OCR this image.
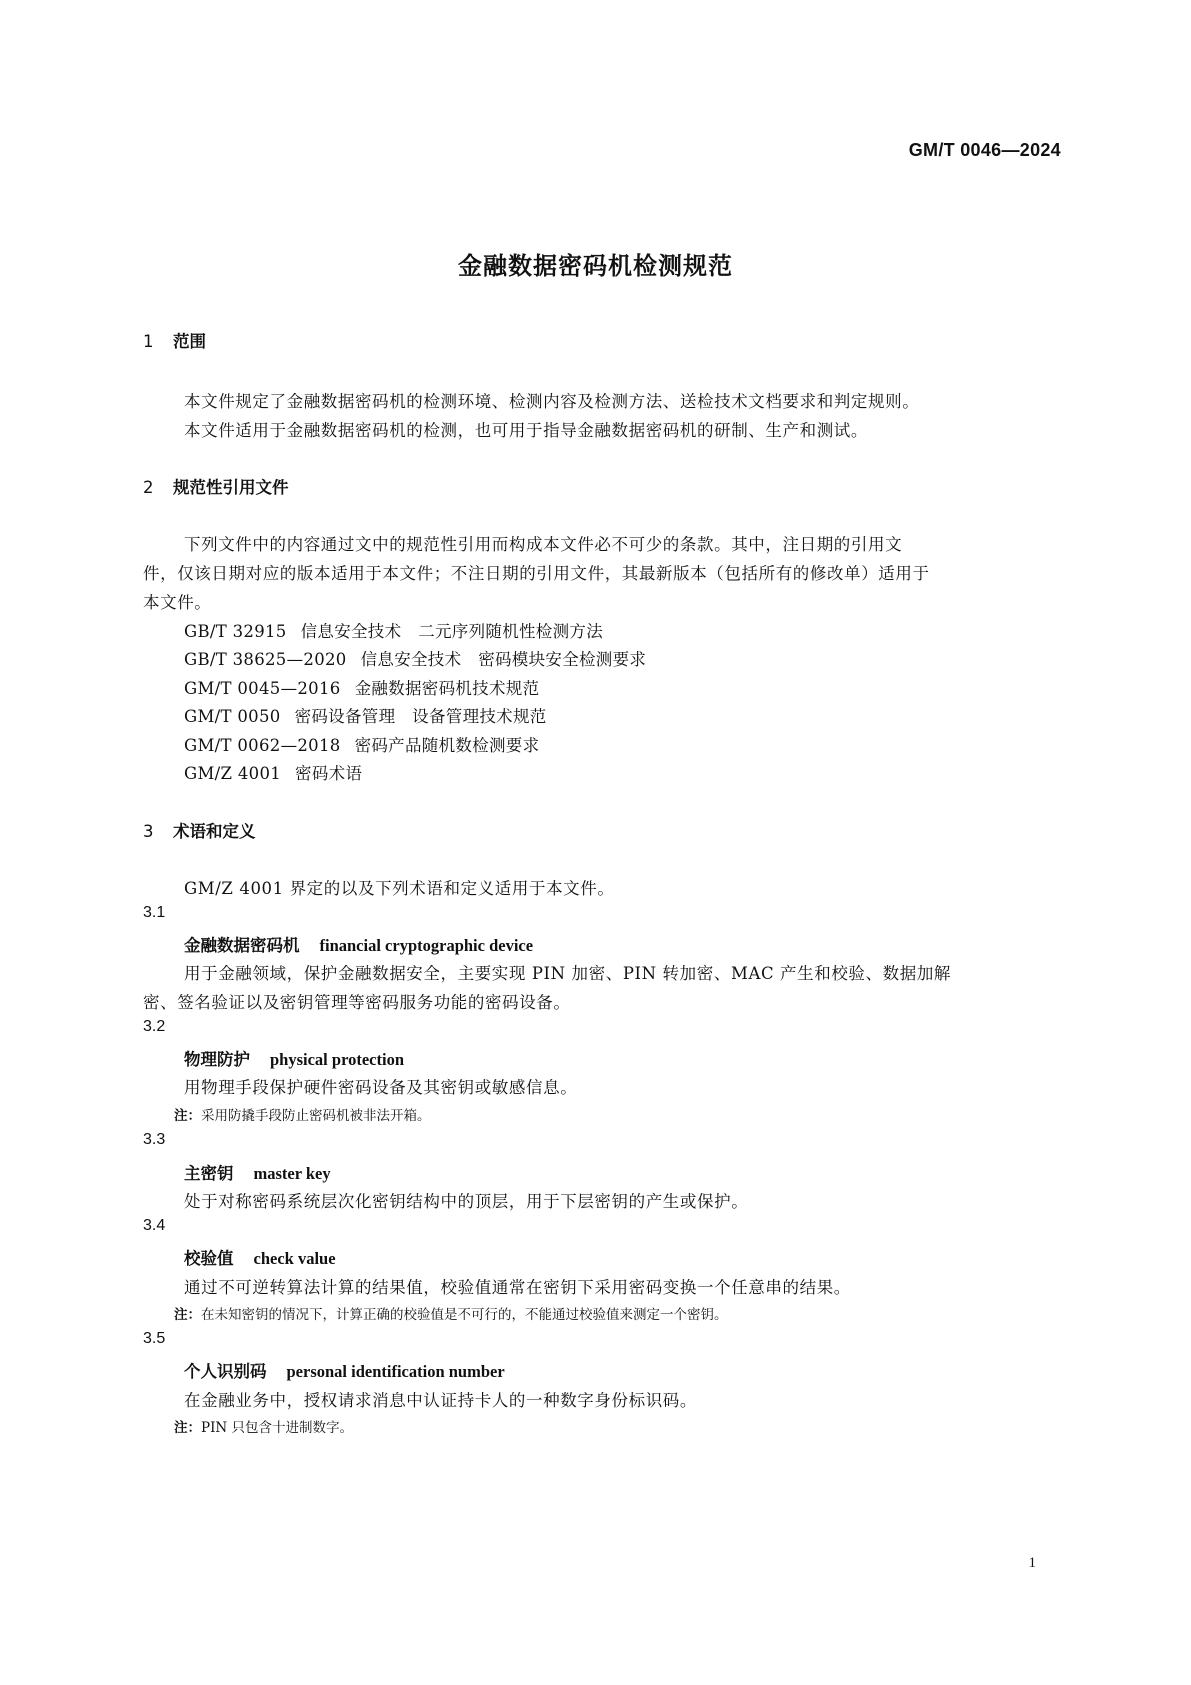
GM/T 0046—2024
金融数据密码机检测规范
1 范围
本文件规定了金融数据密码机的检测环境、检测内容及检测方法、送检技术文档要求和判定规则。
本文件适用于金融数据密码机的检测，也可用于指导金融数据密码机的研制、生产和测试。
2 规范性引用文件
下列文件中的内容通过文中的规范性引用而构成本文件必不可少的条款。其中，注日期的引用文
件，仅该日期对应的版本适用于本文件；不注日期的引用文件，其最新版本（包括所有的修改单）适用于
本文件。
GB/T 32915 信息安全技术　二元序列随机性检测方法
GB/T 38625—2020 信息安全技术　密码模块安全检测要求
GM/T 0045—2016 金融数据密码机技术规范
GM/T 0050 密码设备管理　设备管理技术规范
GM/T 0062—2018 密码产品随机数检测要求
GM/Z 4001 密码术语
3 术语和定义
GM/Z 4001 界定的以及下列术语和定义适用于本文件。
3.1
金融数据密码机 financial cryptographic device
用于金融领域，保护金融数据安全，主要实现 PIN 加密、PIN 转加密、MAC 产生和校验、数据加解
密、签名验证以及密钥管理等密码服务功能的密码设备。
3.2
物理防护 physical protection
用物理手段保护硬件密码设备及其密钥或敏感信息。
注：采用防撬手段防止密码机被非法开箱。
3.3
主密钥 master key
处于对称密码系统层次化密钥结构中的顶层，用于下层密钥的产生或保护。
3.4
校验值 check value
通过不可逆转算法计算的结果值，校验值通常在密钥下采用密码变换一个任意串的结果。
注：在未知密钥的情况下，计算正确的校验值是不可行的，不能通过校验值来测定一个密钥。
3.5
个人识别码 personal identification number
在金融业务中，授权请求消息中认证持卡人的一种数字身份标识码。
注：PIN 只包含十进制数字。
1
